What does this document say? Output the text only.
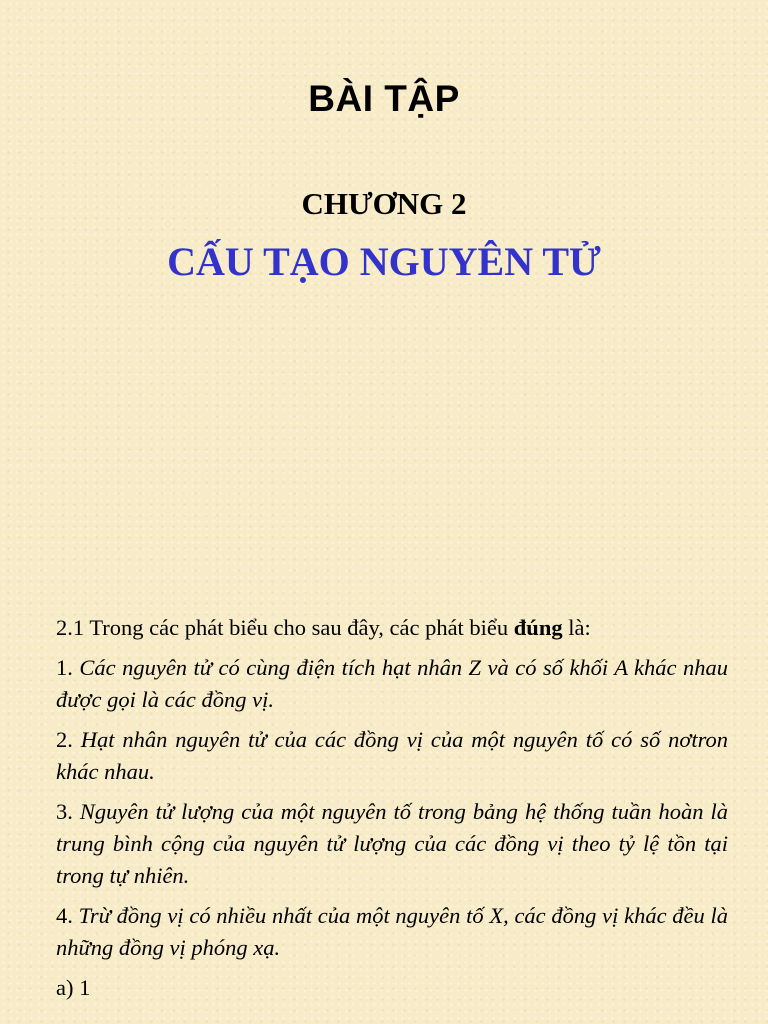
BÀI TẬP
CHƯƠNG 2
CẤU TẠO NGUYÊN TỬ
2.1 Trong các phát biểu cho sau đây, các phát biểu đúng là:
1. Các nguyên tử có cùng điện tích hạt nhân Z và có số khối A khác nhau được gọi là các đồng vị.
2. Hạt nhân nguyên tử của các đồng vị của một nguyên tố có số nơtron khác nhau.
3. Nguyên tử lượng của một nguyên tố trong bảng hệ thống tuần hoàn là trung bình cộng của nguyên tử lượng của các đồng vị theo tỷ lệ tồn tại trong tự nhiên.
4. Trừ đồng vị có nhiều nhất của một nguyên tố X, các đồng vị khác đều là những đồng vị phóng xạ.
a) 1
